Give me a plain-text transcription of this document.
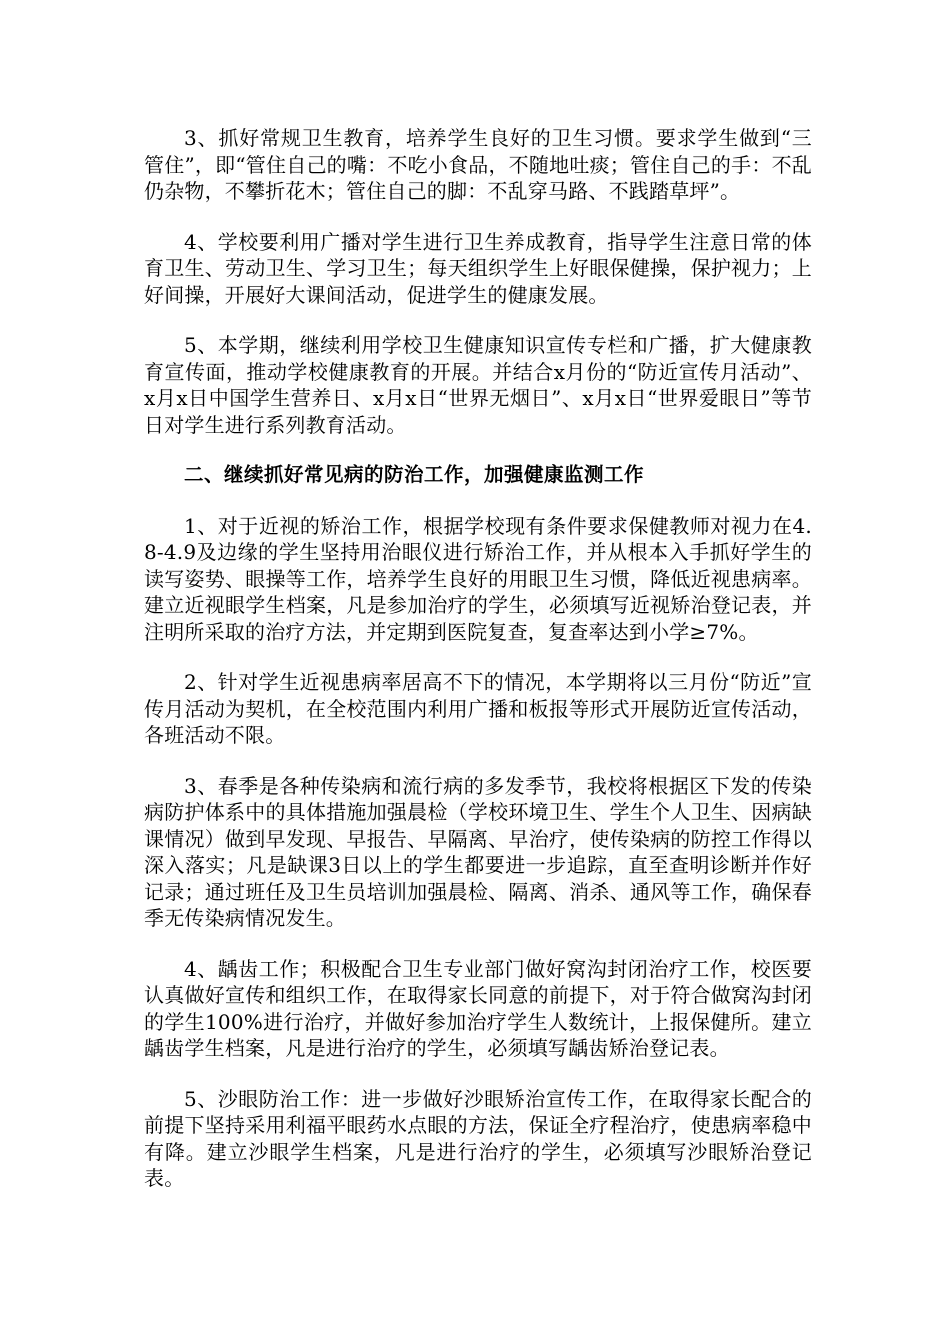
3、抓好常规卫生教育，培养学生良好的卫生习惯。要求学生做到“三管住”，即“管住自己的嘴：不吃小食品，不随地吐痰；管住自己的手：不乱仍杂物，不攀折花木；管住自己的脚：不乱穿马路、不践踏草坪”。

4、学校要利用广播对学生进行卫生养成教育，指导学生注意日常的体育卫生、劳动卫生、学习卫生；每天组织学生上好眼保健操，保护视力；上好间操，开展好大课间活动，促进学生的健康发展。

5、本学期，继续利用学校卫生健康知识宣传专栏和广播，扩大健康教育宣传面，推动学校健康教育的开展。并结合x月份的“防近宣传月活动”、 x月x日中国学生营养日、x月x日“世界无烟日”、x月x日“世界爱眼日”等节日对学生进行系列教育活动。

二、继续抓好常见病的防治工作，加强健康监测工作

1、对于近视的矫治工作，根据学校现有条件要求保健教师对视力在4.8-4.9及边缘的学生坚持用治眼仪进行矫治工作，并从根本入手抓好学生的读写姿势、眼操等工作，培养学生良好的用眼卫生习惯，降低近视患病率。建立近视眼学生档案，凡是参加治疗的学生，必须填写近视矫治登记表，并注明所采取的治疗方法，并定期到医院复查，复查率达到小学≥7%。

2、针对学生近视患病率居高不下的情况，本学期将以三月份“防近”宣传月活动为契机，在全校范围内利用广播和板报等形式开展防近宣传活动，各班活动不限。

3、春季是各种传染病和流行病的多发季节，我校将根据区下发的传染病防护体系中的具体措施加强晨检（学校环境卫生、学生个人卫生、因病缺课情况）做到早发现、早报告、早隔离、早治疗，使传染病的防控工作得以深入落实；凡是缺课3日以上的学生都要进一步追踪，直至查明诊断并作好记录；通过班任及卫生员培训加强晨检、隔离、消杀、通风等工作，确保春季无传染病情况发生。

4、龋齿工作；积极配合卫生专业部门做好窝沟封闭治疗工作，校医要认真做好宣传和组织工作，在取得家长同意的前提下，对于符合做窝沟封闭的学生100%进行治疗，并做好参加治疗学生人数统计，上报保健所。建立龋齿学生档案，凡是进行治疗的学生，必须填写龋齿矫治登记表。

5、沙眼防治工作：进一步做好沙眼矫治宣传工作，在取得家长配合的前提下坚持采用利福平眼药水点眼的方法，保证全疗程治疗，使患病率稳中有降。建立沙眼学生档案，凡是进行治疗的学生，必须填写沙眼矫治登记表。
